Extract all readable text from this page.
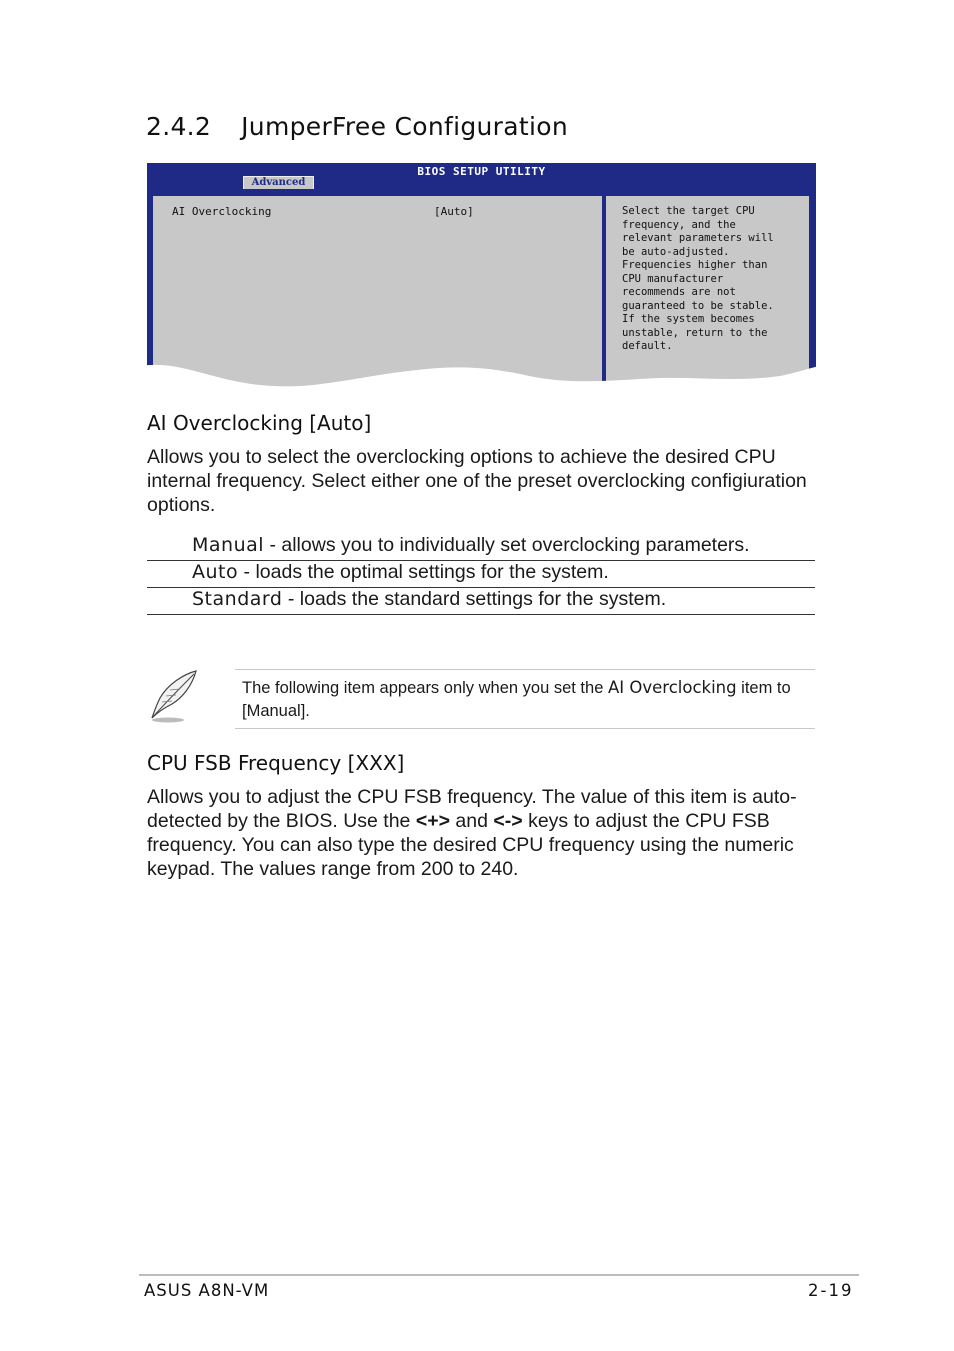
2.4.2 JumperFree Configuration
BIOS SETUP UTILITY
Advanced
AI Overclocking	[Auto]	Select the target CPU
frequency, and the
relevant parameters will
be auto-adjusted.
Frequencies higher than
CPU manufacturer
recommends are not
guaranteed to be stable.
If the system becomes
unstable, return to the
default.
AI Overclocking [Auto]
Allows you to select the overclocking options to achieve the desired CPU internal frequency. Select either one of the preset overclocking configiuration options.
Manual - allows you to individually set overclocking parameters.
Auto - loads the optimal settings for the system.
Standard - loads the standard settings for the system.
The following item appears only when you set the AI Overclocking item to [Manual].
CPU FSB Frequency [XXX]
Allows you to adjust the CPU FSB frequency. The value of this item is auto-detected by the BIOS. Use the <+> and <-> keys to adjust the CPU FSB frequency. You can also type the desired CPU frequency using the numeric keypad. The values range from 200 to 240.
ASUS A8N-VM	2-19
